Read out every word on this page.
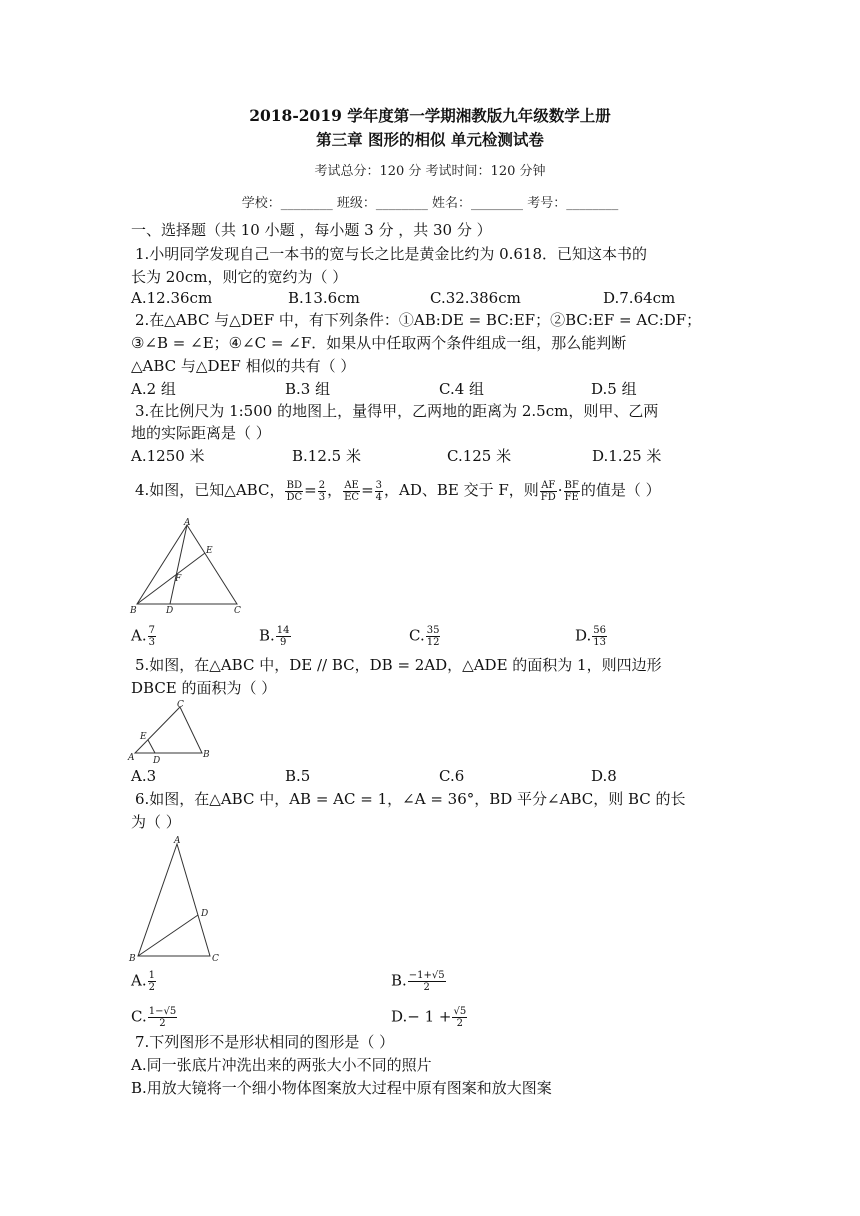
2018-2019 学年度第一学期湘教版九年级数学上册
第三章 图形的相似 单元检测试卷
考试总分：120 分 考试时间：120 分钟
学校：________ 班级：________ 姓名：________ 考号：________
一、选择题（共 10 小题 ，每小题 3 分 ，共 30 分 ）
1.小明同学发现自己一本书的宽与长之比是黄金比约为 0.618．已知这本书的
长为 20cm，则它的宽约为（ ）
A.12.36cm	B.13.6cm	C.32.386cm	D.7.64cm
2.在△ABC 与△DEF 中，有下列条件：①AB:DE = BC:EF；②BC:EF = AC:DF；
③∠B = ∠E；④∠C = ∠F．如果从中任取两个条件组成一组，那么能判断
△ABC 与△DEF 相似的共有（ ）
A.2 组	B.3 组	C.4 组	D.5 组
3.在比例尺为 1:500 的地图上，量得甲，乙两地的距离为 2.5cm，则甲、乙两
地的实际距离是（ ）
A.1250 米	B.12.5 米	C.125 米	D.1.25 米
4.如图，已知△ABC， $\frac{BD}{DC} = \frac{2}{3}$ ， $\frac{AE}{EC} = \frac{3}{4}$ ，AD、BE 交于 F，则 $\frac{AF}{FD} \cdot \frac{BF}{FE}$ 的值是（ ）
A
B	C
D
E
F
A. $\frac{7}{3}$	B. $\frac{14}{9}$	C. $\frac{35}{12}$	D. $\frac{56}{13}$
5.如图，在△ABC 中，DE // BC，DB = 2AD，△ADE 的面积为 1，则四边形
DBCE 的面积为（ ）
C
A	B
E
D
A.3	B.5	C.6	D.8
6.如图，在△ABC 中，AB = AC = 1，∠A = 36°，BD 平分∠ABC，则 BC 的长
为（ ）
A
B	C
D
A. $\frac{1}{2}$	B. $\frac{-1+√5}{2}$
C. $\frac{1-√5}{2}$	$D.- 1 + \frac{√5}{2}$
7.下列图形不是形状相同的图形是（ ）
A.同一张底片冲洗出来的两张大小不同的照片
B.用放大镜将一个细小物体图案放大过程中原有图案和放大图案
